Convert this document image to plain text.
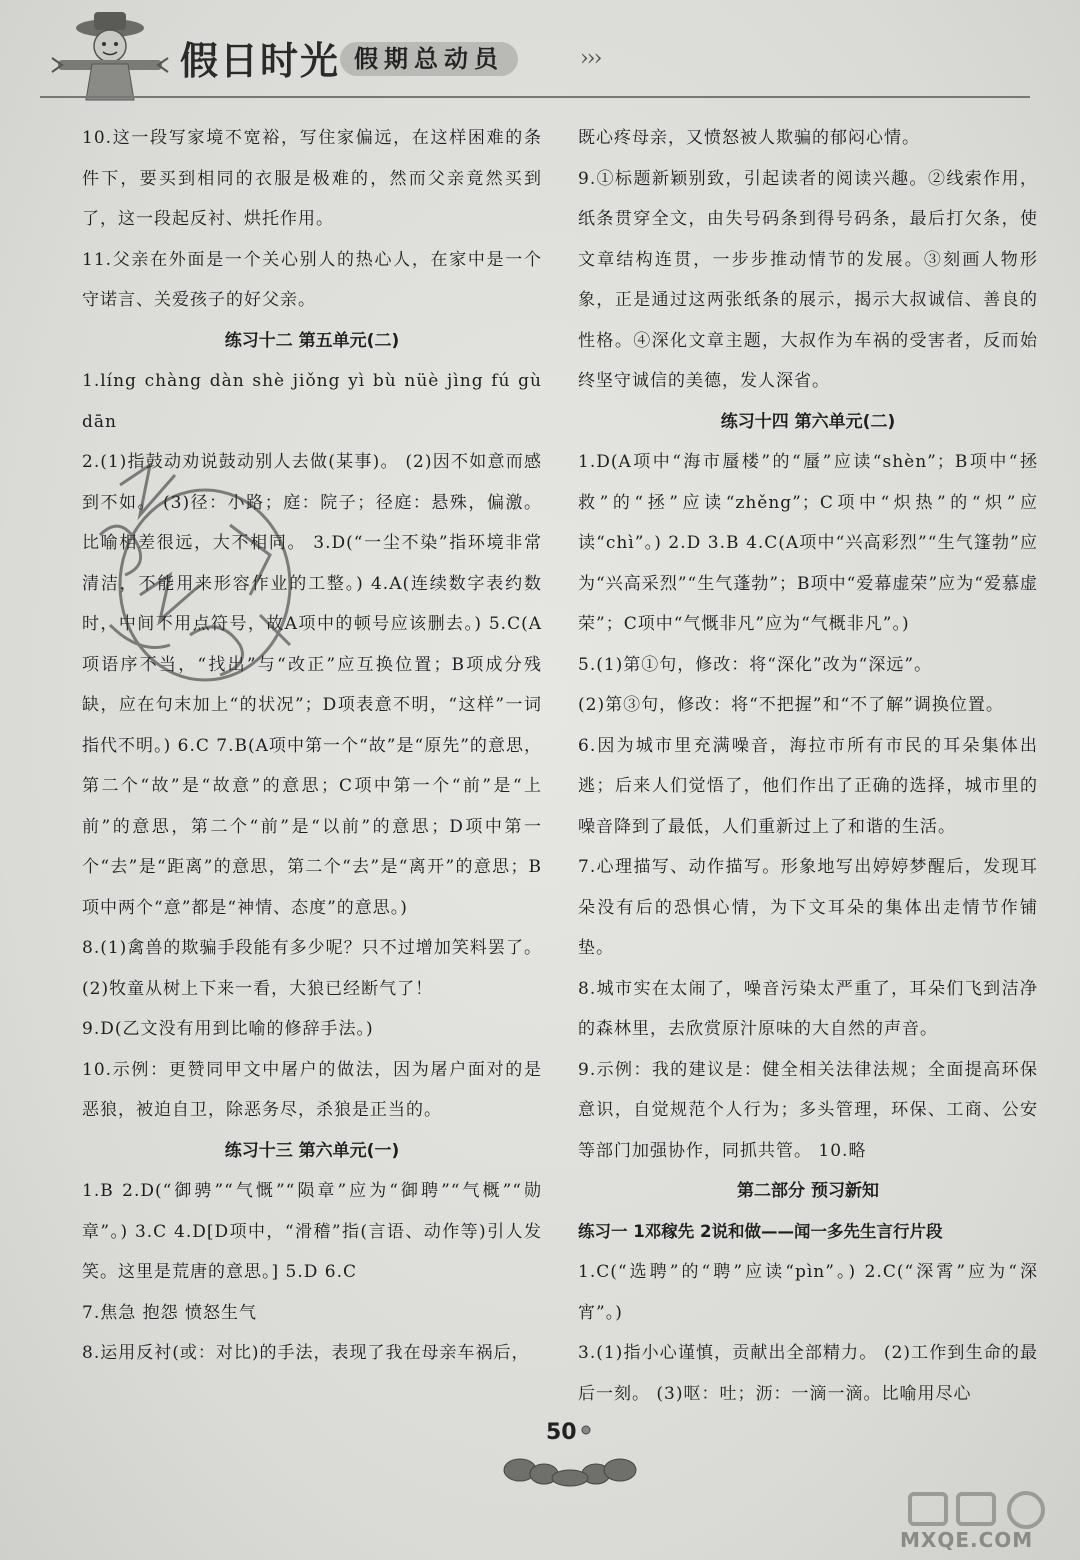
假日时光 假期总动员	›››
10.这一段写家境不宽裕，写住家偏远，在这样困难的条件下，要买到相同的衣服是极难的，然而父亲竟然买到了，这一段起反衬、烘托作用。
11.父亲在外面是一个关心别人的热心人，在家中是一个守诺言、关爱孩子的好父亲。
练习十二 第五单元(二)
1.líng chàng dàn shè jiǒng yì bù nüè jìng fú gù dān
2.(1)指鼓动劝说鼓动别人去做(某事)。 (2)因不如意而感到不如。 (3)径：小路；庭：院子；径庭：悬殊，偏激。比喻相差很远，大不相同。 3.D(“一尘不染”指环境非常清洁，不能用来形容作业的工整。) 4.A(连续数字表约数时，中间不用点符号，故A项中的顿号应该删去。) 5.C(A项语序不当，“找出”与“改正”应互换位置；B项成分残缺，应在句末加上“的状况”；D项表意不明，“这样”一词指代不明。) 6.C 7.B(A项中第一个“故”是“原先”的意思，第二个“故”是“故意”的意思；C项中第一个“前”是“上前”的意思，第二个“前”是“以前”的意思；D项中第一个“去”是“距离”的意思，第二个“去”是“离开”的意思；B项中两个“意”都是“神情、态度”的意思。)
8.(1)禽兽的欺骗手段能有多少呢？只不过增加笑料罢了。 (2)牧童从树上下来一看，大狼已经断气了！
9.D(乙文没有用到比喻的修辞手法。)
10.示例：更赞同甲文中屠户的做法，因为屠户面对的是恶狼，被迫自卫，除恶务尽，杀狼是正当的。
练习十三 第六单元(一)
1.B 2.D(“御骋”“气慨”“陨章”应为“御聘”“气概”“勋章”。) 3.C 4.D[D项中，“滑稽”指(言语、动作等)引人发笑。这里是荒唐的意思。] 5.D 6.C
7.焦急 抱怨 愤怒生气
8.运用反衬(或：对比)的手法，表现了我在母亲车祸后，
既心疼母亲，又愤怒被人欺骗的郁闷心情。
9.①标题新颖别致，引起读者的阅读兴趣。②线索作用，纸条贯穿全文，由失号码条到得号码条，最后打欠条，使文章结构连贯，一步步推动情节的发展。③刻画人物形象，正是通过这两张纸条的展示，揭示大叔诚信、善良的性格。④深化文章主题，大叔作为车祸的受害者，反而始终坚守诚信的美德，发人深省。
练习十四 第六单元(二)
1.D(A项中“海市蜃楼”的“蜃”应读“shèn”；B项中“拯救”的“拯”应读“zhěng”；C项中“炽热”的“炽”应读“chì”。) 2.D 3.B 4.C(A项中“兴高彩烈”“生气篷勃”应为“兴高采烈”“生气蓬勃”；B项中“爱幕虚荣”应为“爱慕虚荣”；C项中“气慨非凡”应为“气概非凡”。)
5.(1)第①句，修改：将“深化”改为“深远”。
(2)第③句，修改：将“不把握”和“不了解”调换位置。
6.因为城市里充满噪音，海拉市所有市民的耳朵集体出逃；后来人们觉悟了，他们作出了正确的选择，城市里的噪音降到了最低，人们重新过上了和谐的生活。
7.心理描写、动作描写。形象地写出婷婷梦醒后，发现耳朵没有后的恐惧心情，为下文耳朵的集体出走情节作铺垫。
8.城市实在太闹了，噪音污染太严重了，耳朵们飞到洁净的森林里，去欣赏原汁原味的大自然的声音。
9.示例：我的建议是：健全相关法律法规；全面提高环保意识，自觉规范个人行为；多头管理，环保、工商、公安等部门加强协作，同抓共管。 10.略
第二部分 预习新知
练习一 1邓稼先 2说和做——闻一多先生言行片段
1.C(“选聘”的“聘”应读“pìn”。) 2.C(“深霄”应为“深宵”。)
3.(1)指小心谨慎，贡献出全部精力。 (2)工作到生命的最后一刻。 (3)呕：吐；沥：一滴一滴。比喻用尽心
50
MXQE.COM
